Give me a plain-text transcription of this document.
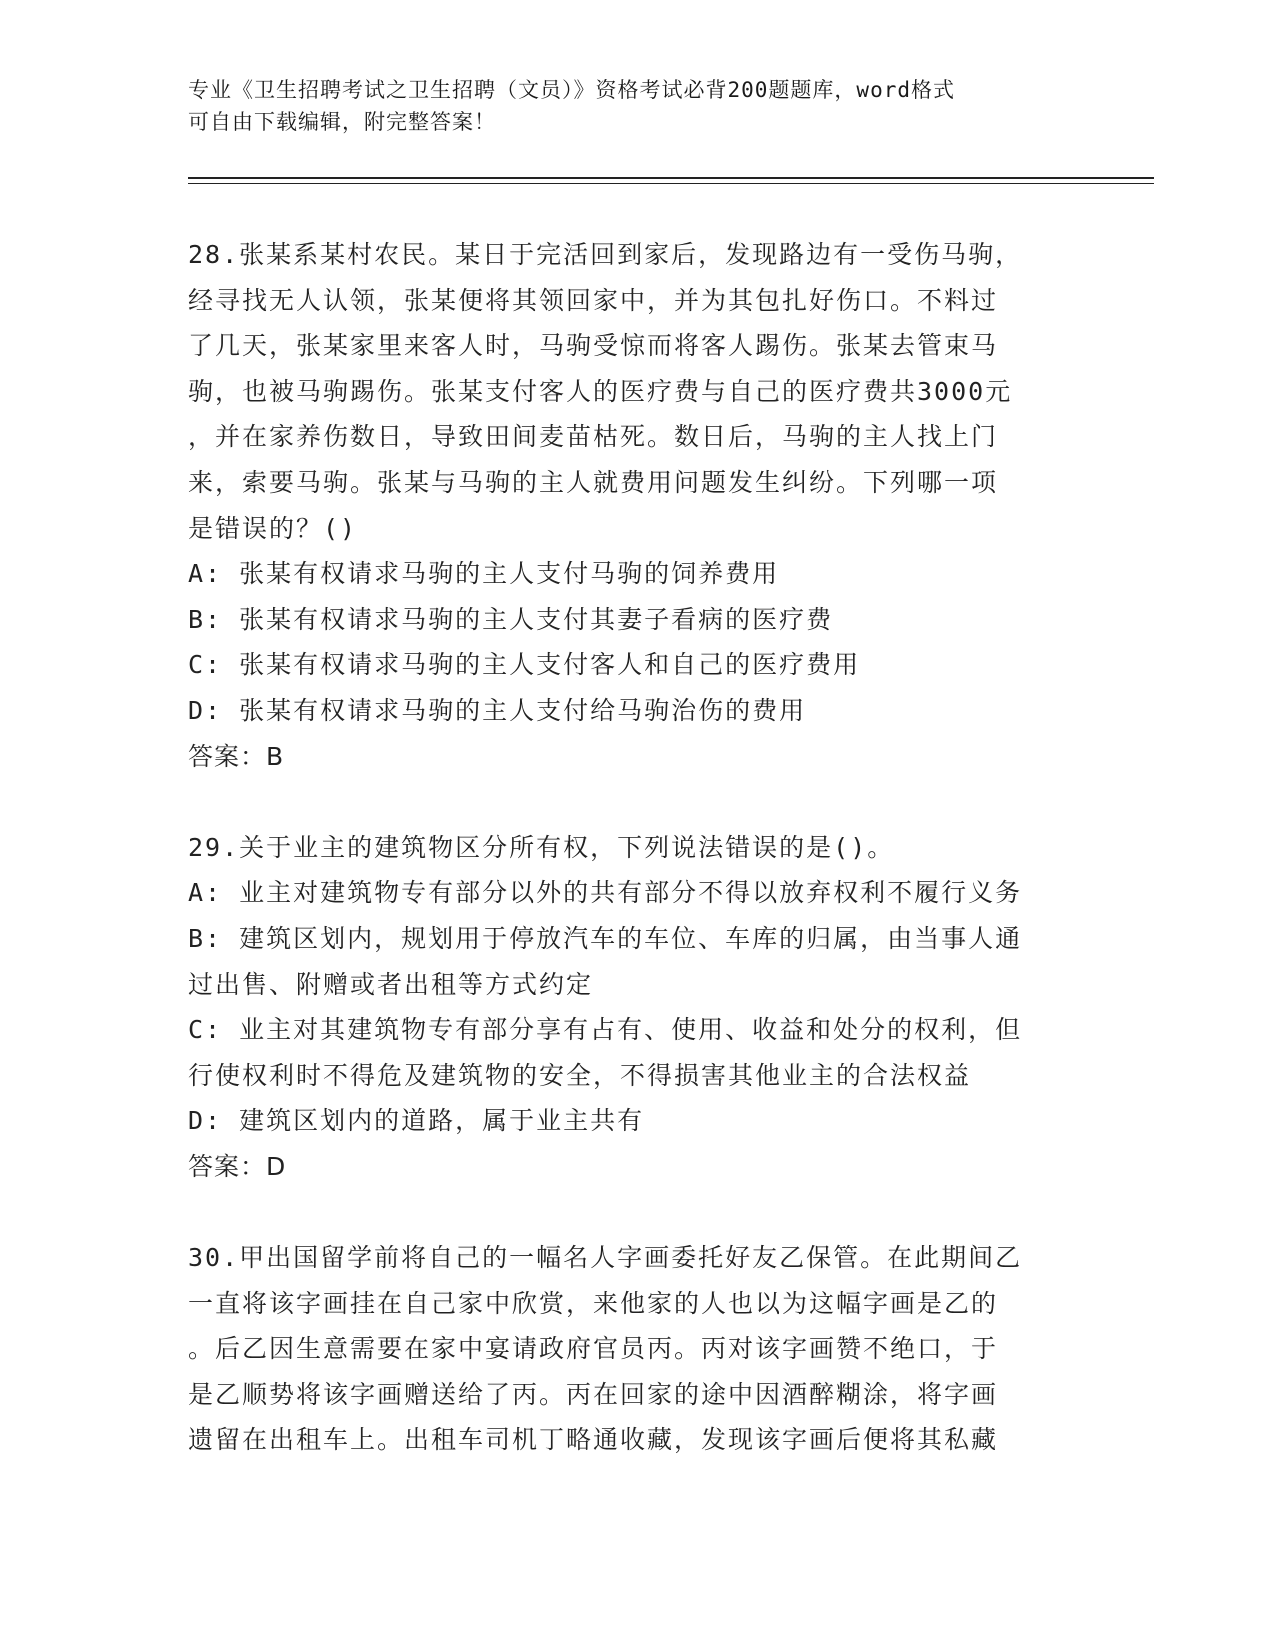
专业《卫生招聘考试之卫生招聘（文员）》资格考试必背200题题库，word格式
可自由下载编辑，附完整答案！

28.张某系某村农民。某日于完活回到家后，发现路边有一受伤马驹，

经寻找无人认领，张某便将其领回家中，并为其包扎好伤口。不料过

了几天，张某家里来客人时，马驹受惊而将客人踢伤。张某去管束马

驹，也被马驹踢伤。张某支付客人的医疗费与自己的医疗费共3000元

，并在家养伤数日，导致田间麦苗枯死。数日后，马驹的主人找上门

来，索要马驹。张某与马驹的主人就费用问题发生纠纷。下列哪一项

是错误的？()

A: 张某有权请求马驹的主人支付马驹的饲养费用

B: 张某有权请求马驹的主人支付其妻子看病的医疗费

C: 张某有权请求马驹的主人支付客人和自己的医疗费用

D: 张某有权请求马驹的主人支付给马驹治伤的费用

答案：B

29.关于业主的建筑物区分所有权，下列说法错误的是()。

A: 业主对建筑物专有部分以外的共有部分不得以放弃权利不履行义务

B: 建筑区划内，规划用于停放汽车的车位、车库的归属，由当事人通

过出售、附赠或者出租等方式约定

C: 业主对其建筑物专有部分享有占有、使用、收益和处分的权利，但

行使权利时不得危及建筑物的安全，不得损害其他业主的合法权益

D: 建筑区划内的道路，属于业主共有

答案：D

30.甲出国留学前将自己的一幅名人字画委托好友乙保管。在此期间乙

一直将该字画挂在自己家中欣赏，来他家的人也以为这幅字画是乙的

。后乙因生意需要在家中宴请政府官员丙。丙对该字画赞不绝口，于

是乙顺势将该字画赠送给了丙。丙在回家的途中因酒醉糊涂，将字画

遗留在出租车上。出租车司机丁略通收藏，发现该字画后便将其私藏
